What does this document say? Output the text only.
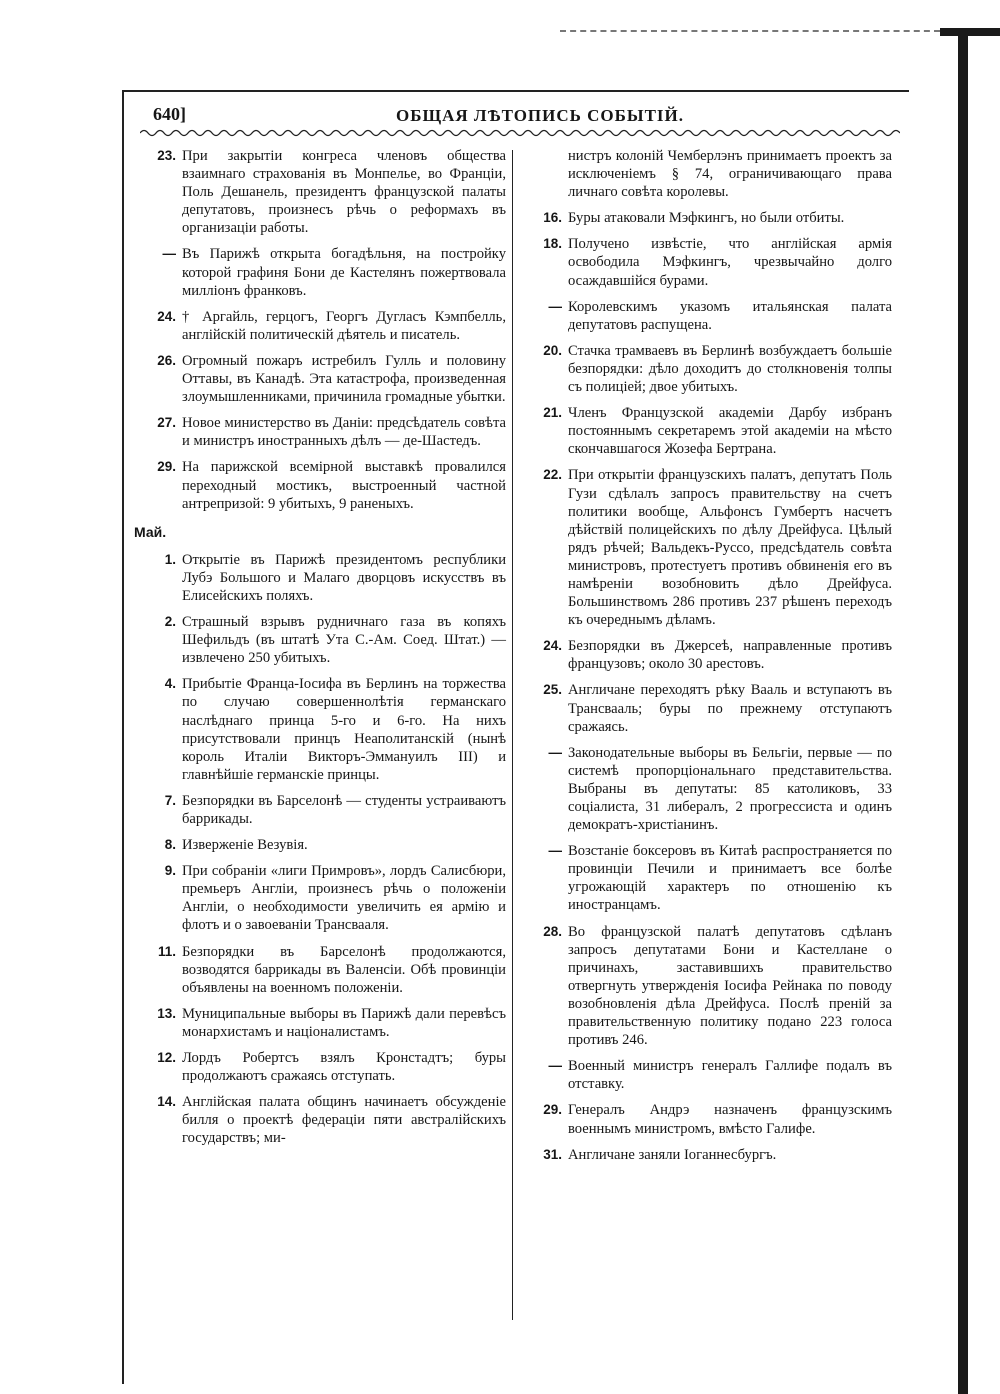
640]	ОБЩАЯ ЛѢТОПИСЬ СОБЫТІЙ.
23. При закрытіи конгреса членовъ общества взаимнаго страхованія въ Монпелье, во Франціи, Поль Дешанель, президентъ французской палаты депутатовъ, произнесъ рѣчь о реформахъ въ организаціи работы.
— Въ Парижѣ открыта богадѣльня, на постройку которой графиня Бони де Кастелянъ пожертвовала милліонъ франковъ.
24. † Аргайль, герцогъ, Георгъ Дугласъ Кэмпбелль, англійскій политическій дѣятель и писатель.
26. Огромный пожаръ истребилъ Гулль и половину Оттавы, въ Канадѣ. Эта катастрофа, произведенная злоумышленниками, причинила громадные убытки.
27. Новое министерство въ Даніи: предсѣдатель совѣта и министръ иностранныхъ дѣлъ — де-Шастедъ.
29. На парижской всемірной выставкѣ провалился переходный мостикъ, выстроенный частной антрепризой: 9 убитыхъ, 9 раненыхъ.
Май.
1. Открытіе въ Парижѣ президентомъ республики Лубэ Большого и Малаго дворцовъ искусствъ въ Елисейскихъ поляхъ.
2. Страшный взрывъ рудничнаго газа въ копяхъ Шефильдъ (въ штатѣ Ута С.-Ам. Соед. Штат.) — извлечено 250 убитыхъ.
4. Прибытіе Франца-Іосифа въ Берлинъ на торжества по случаю совершеннолѣтія германскаго наслѣднаго принца 5-го и 6-го. На нихъ присутствовали принцъ Неаполитанскій (нынѣ король Италіи Викторъ-Эммануилъ III) и главнѣйшіе германскіе принцы.
7. Безпорядки въ Барселонѣ — студенты устраиваютъ баррикады.
8. Изверженіе Везувія.
9. При собраніи «лиги Примровъ», лордъ Салисбюри, премьеръ Англіи, произнесъ рѣчь о положеніи Англіи, о необходимости увеличить ея армію и флотъ и о завоеваніи Трансвааля.
11. Безпорядки въ Барселонѣ продолжаются, возводятся баррикады въ Валенсіи. Обѣ провинціи объявлены на военномъ положеніи.
13. Муниципальные выборы въ Парижѣ дали перевѣсъ монархистамъ и націоналистамъ.
12. Лордъ Робертсъ взялъ Кронстадтъ; буры продолжаютъ сражаясь отступать.
14. Англійская палата общинъ начинаетъ обсужденіе билля о проектѣ федераціи пяти австралійскихъ государствъ; ми-
нистръ колоній Чемберлэнъ принимаетъ проектъ за исключеніемъ § 74, ограничивающаго права личнаго совѣта королевы.
16. Буры атаковали Мэфкингъ, но были отбиты.
18. Получено извѣстіе, что англійская армія освободила Мэфкингъ, чрезвычайно долго осаждавшійся бурами.
— Королевскимъ указомъ итальянская палата депутатовъ распущена.
20. Стачка трамваевъ въ Берлинѣ возбуждаетъ большіе безпорядки: дѣло доходитъ до столкновенія толпы съ полиціей; двое убитыхъ.
21. Членъ Французской академіи Дарбу избранъ постояннымъ секретаремъ этой академіи на мѣсто скончавшагося Жозефа Бертрана.
22. При открытіи французскихъ палатъ, депутатъ Поль Гузи сдѣлалъ запросъ правительству на счетъ политики вообще, Альфонсъ Гумбертъ насчетъ дѣйствій полицейскихъ по дѣлу Дрейфуса. Цѣлый рядъ рѣчей; Вальдекъ-Руссо, предсѣдатель совѣта министровъ, протестуетъ противъ обвиненія его въ намѣреніи возобновить дѣло Дрейфуса. Большинствомъ 286 противъ 237 рѣшенъ переходъ къ очереднымъ дѣламъ.
24. Безпорядки въ Джерсеѣ, направленные противъ французовъ; около 30 арестовъ.
25. Англичане переходятъ рѣку Вааль и вступаютъ въ Трансвааль; буры по прежнему отступаютъ сражаясь.
— Законодательные выборы въ Бельгіи, первые — по системѣ пропорціональнаго представительства. Выбраны въ депутаты: 85 католиковъ, 33 соціалиста, 31 либералъ, 2 прогрессиста и одинъ демократъ-христіанинъ.
— Возстаніе боксеровъ въ Китаѣ распространяется по провинціи Печили и принимаетъ все болѣе угрожающій характеръ по отношенію къ иностранцамъ.
28. Во французской палатѣ депутатовъ сдѣланъ запросъ депутатами Бони и Кастеллане о причинахъ, заставившихъ правительство отвергнуть утвержденія Іосифа Рейнака по поводу возобновленія дѣла Дрейфуса. Послѣ преній за правительственную политику подано 223 голоса противъ 246.
— Военный министръ генералъ Галлифе подалъ въ отставку.
29. Генералъ Андрэ назначенъ французскимъ военнымъ министромъ, вмѣсто Галифе.
31. Англичане заняли Іоганнесбургъ.
